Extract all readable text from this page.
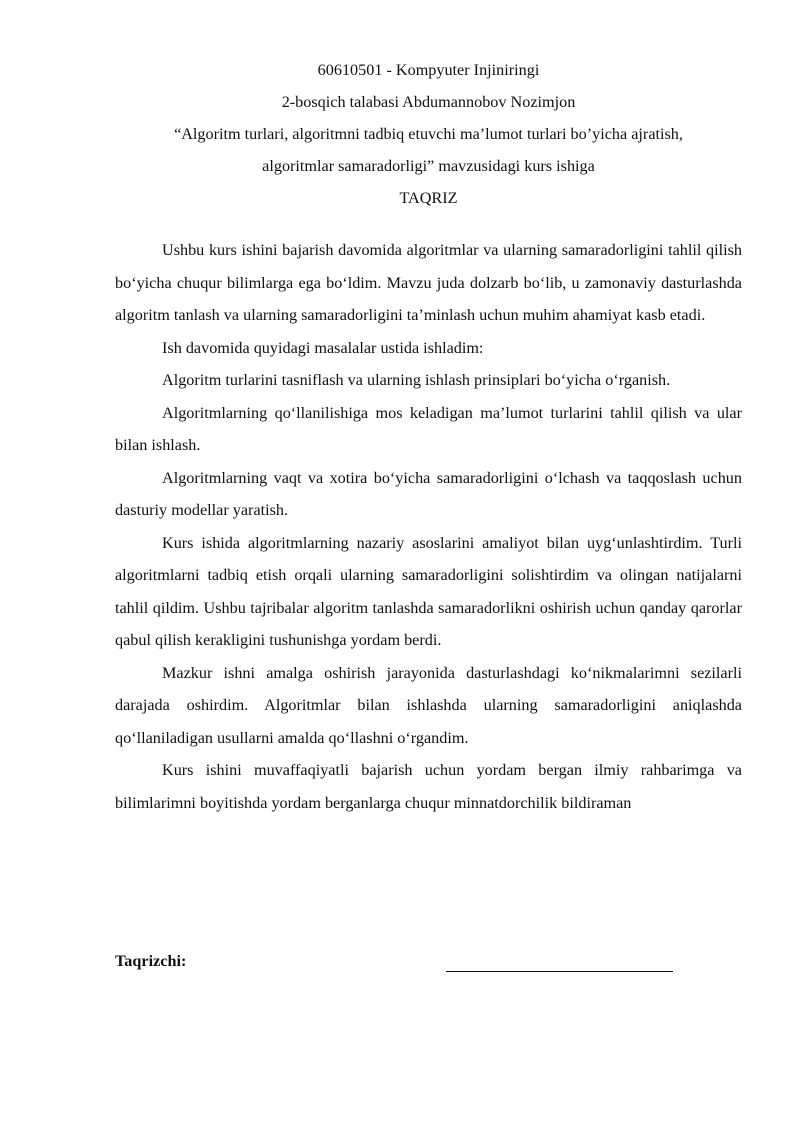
60610501 - Kompyuter Injiniringi
2-bosqich talabasi Abdumannobov Nozimjon
“Algoritm turlari, algoritmni tadbiq etuvchi ma’lumot turlari bo’yicha ajratish,
algoritmlar samaradorligi” mavzusidagi kurs ishiga
TAQRIZ

Ushbu kurs ishini bajarish davomida algoritmlar va ularning samaradorligini tahlil qilish bo‘yicha chuqur bilimlarga ega bo‘ldim. Mavzu juda dolzarb bo‘lib, u zamonaviy dasturlashda algoritm tanlash va ularning samaradorligini ta’minlash uchun muhim ahamiyat kasb etadi.

Ish davomida quyidagi masalalar ustida ishladim:

Algoritm turlarini tasniflash va ularning ishlash prinsiplari bo‘yicha o‘rganish.

Algoritmlarning qo‘llanilishiga mos keladigan ma’lumot turlarini tahlil qilish va ular bilan ishlash.

Algoritmlarning vaqt va xotira bo‘yicha samaradorligini o‘lchash va taqqoslash uchun dasturiy modellar yaratish.

Kurs ishida algoritmlarning nazariy asoslarini amaliyot bilan uyg‘unlashtirdim. Turli algoritmlarni tadbiq etish orqali ularning samaradorligini solishtirdim va olingan natijalarni tahlil qildim. Ushbu tajribalar algoritm tanlashda samaradorlikni oshirish uchun qanday qarorlar qabul qilish kerakligini tushunishga yordam berdi.

Mazkur ishni amalga oshirish jarayonida dasturlashdagi ko‘nikmalarimni sezilarli darajada oshirdim. Algoritmlar bilan ishlashda ularning samaradorligini aniqlashda qo‘llaniladigan usullarni amalda qo‘llashni o‘rgandim.

Kurs ishini muvaffaqiyatli bajarish uchun yordam bergan ilmiy rahbarimga va bilimlarimni boyitishda yordam berganlarga chuqur minnatdorchilik bildiraman

Taqrizchi:
